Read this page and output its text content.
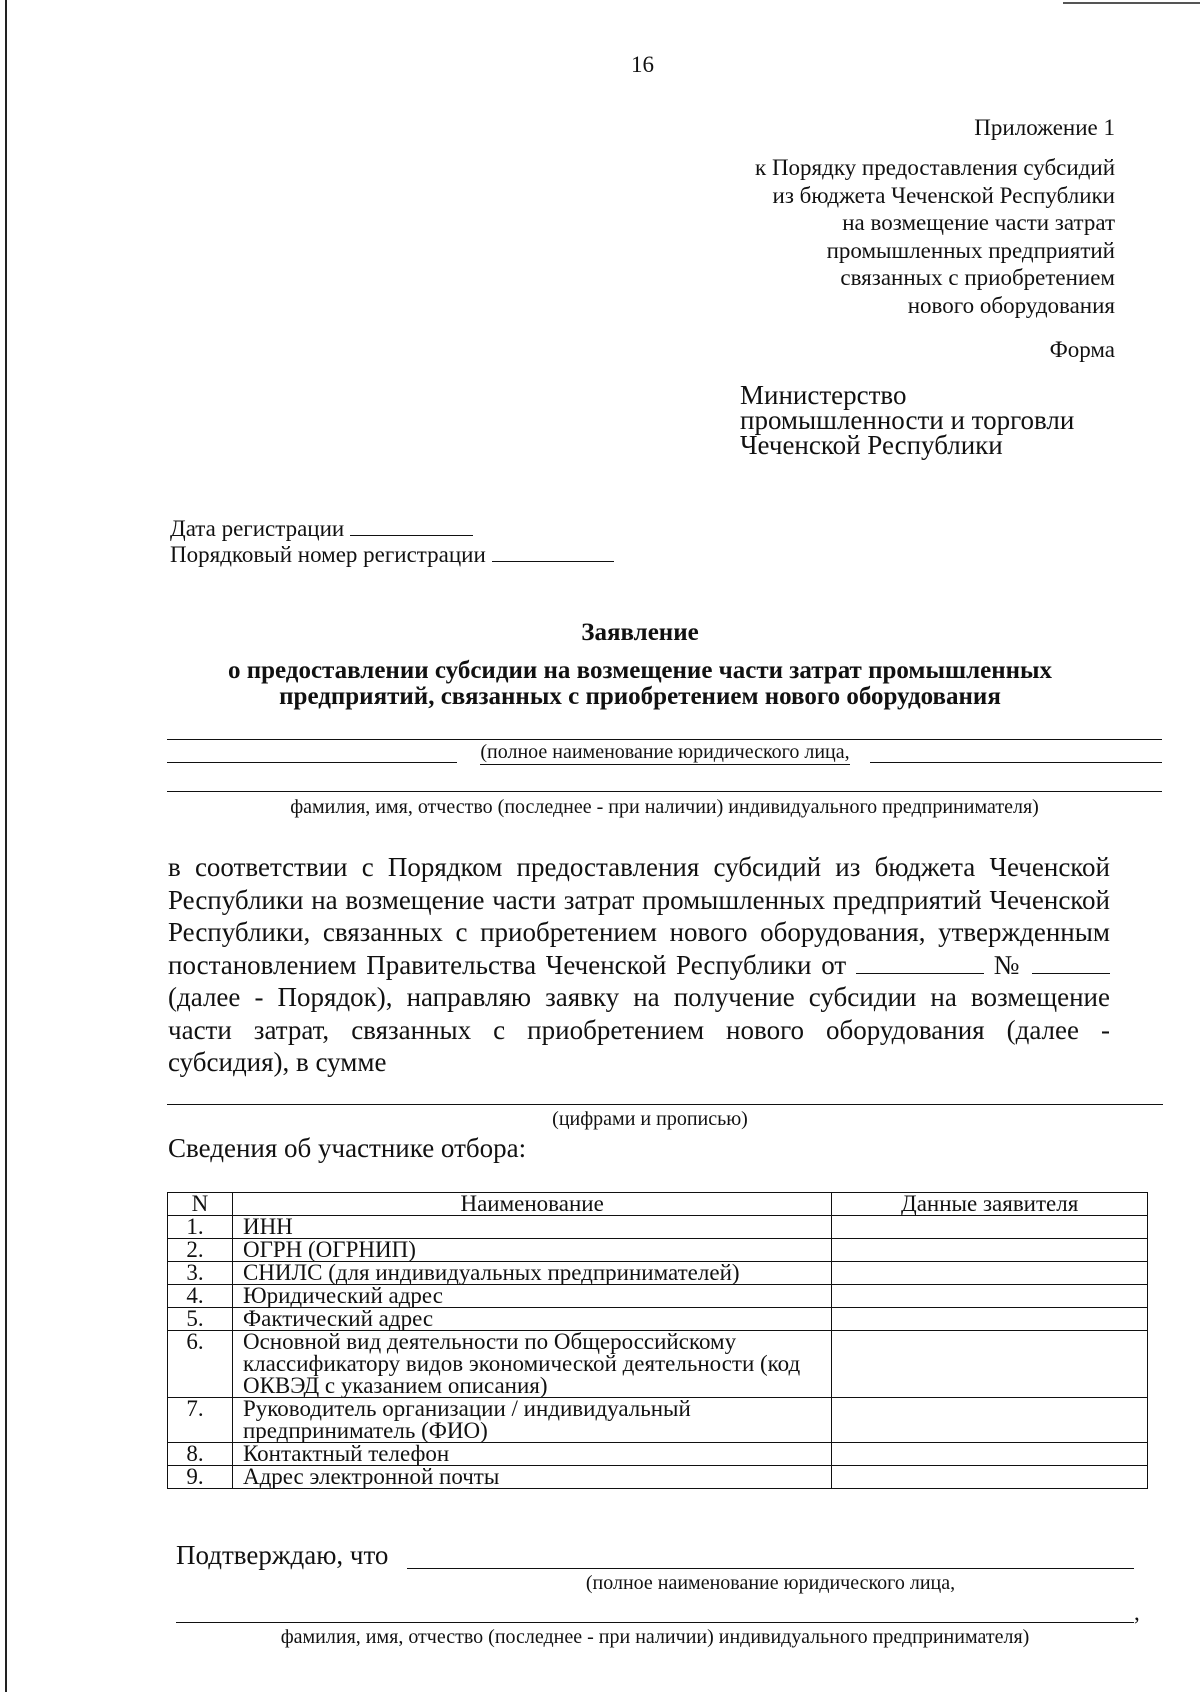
16
Приложение 1
к Порядку предоставления субсидий
из бюджета Чеченской Республики
на возмещение части затрат
промышленных предприятий
связанных с приобретением
нового оборудования
Форма
Министерство
промышленности и торговли
Чеченской Республики
Дата регистрации
Порядковый номер регистрации
Заявление
о предоставлении субсидии на возмещение части затрат промышленных
предприятий, связанных с приобретением нового оборудования
(полное наименование юридического лица,
фамилия, имя, отчество (последнее - при наличии) индивидуального предпринимателя)
в соответствии с Порядком предоставления субсидий из бюджета Чеченской Республики на возмещение части затрат промышленных предприятий Чеченской Республики, связанных с приобретением нового оборудования, утвержденным постановлением Правительства Чеченской Республики от	№  (далее - Порядок), направляю заявку на получение субсидии на возмещение части затрат, связанных с приобретением нового оборудования (далее - субсидия), в сумме
(цифрами и прописью)
Сведения об участнике отбора:
N	Наименование	Данные заявителя
1.	ИНН	
2.	ОГРН (ОГРНИП)	
3.	СНИЛС (для индивидуальных предпринимателей)	
4.	Юридический адрес	
5.	Фактический адрес	
6.	Основной вид деятельности по Общероссийскому классификатору видов экономической деятельности (код ОКВЭД с указанием описания)	
7.	Руководитель организации / индивидуальный предприниматель (ФИО)	
8.	Контактный телефон	
9.	Адрес электронной почты	
Подтверждаю, что
(полное наименование юридического лица,
,
фамилия, имя, отчество (последнее - при наличии) индивидуального предпринимателя)
